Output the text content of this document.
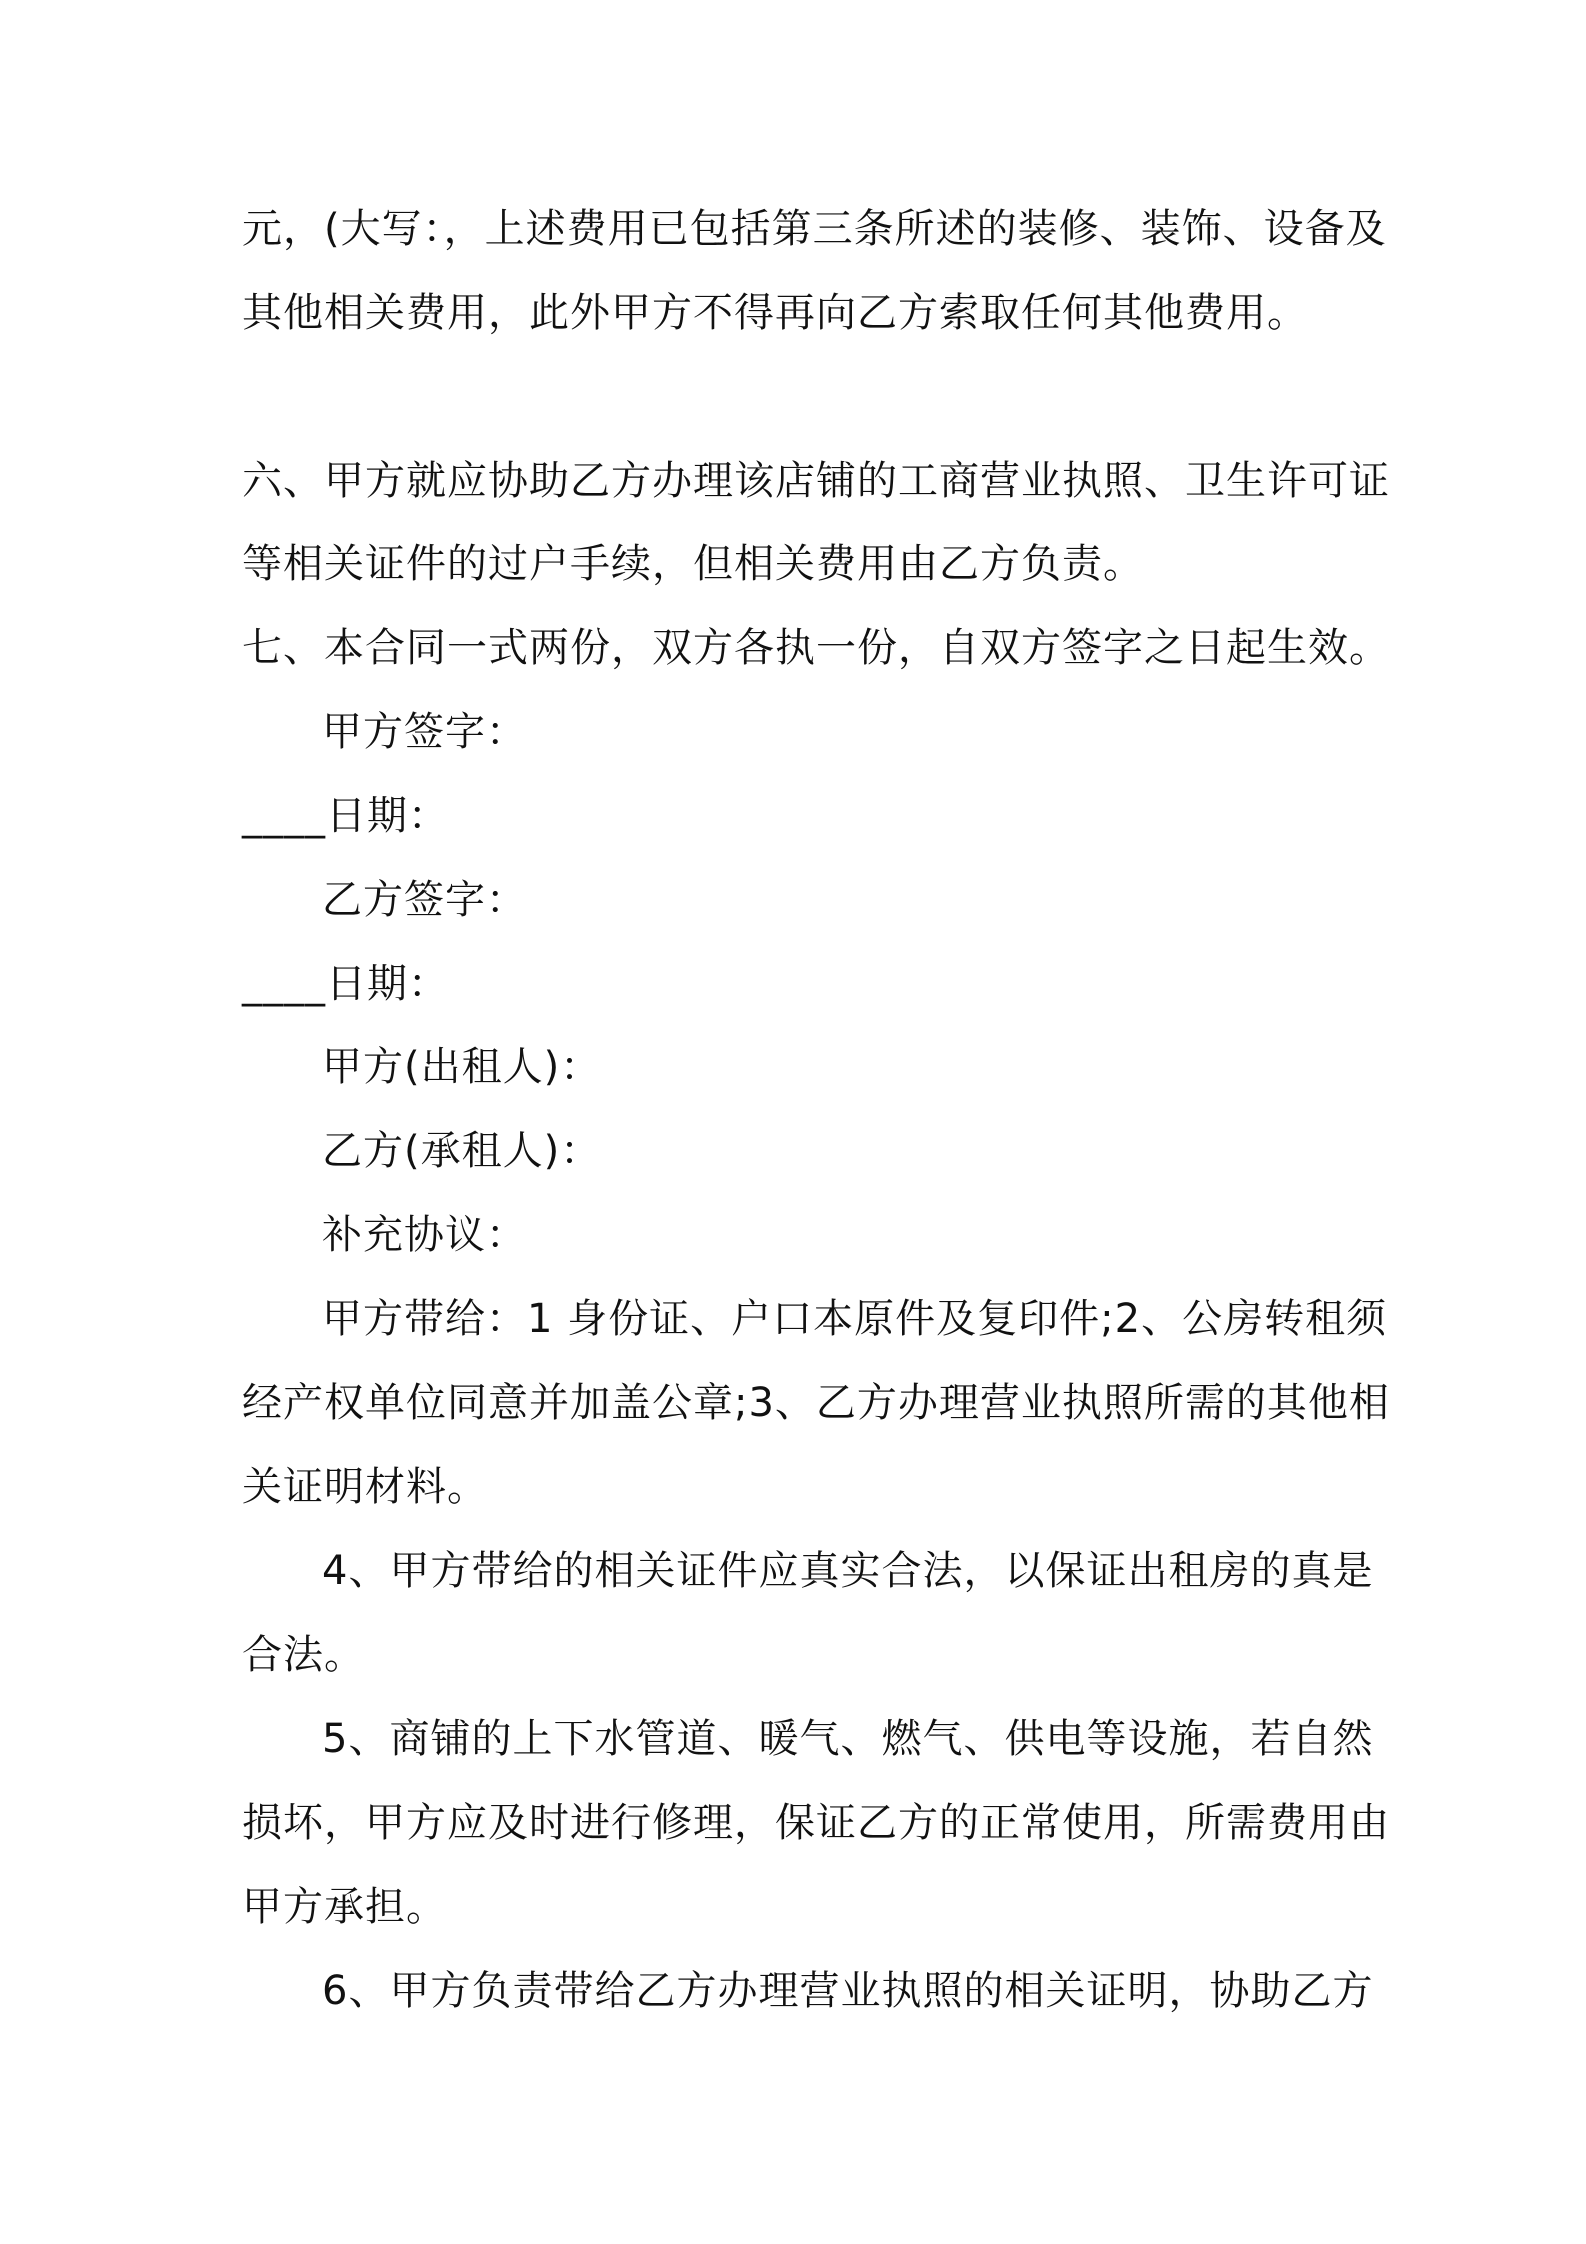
元，(大写：，上述费用已包括第三条所述的装修、装饰、设备及
其他相关费用，此外甲方不得再向乙方索取任何其他费用。
六、甲方就应协助乙方办理该店铺的工商营业执照、卫生许可证
等相关证件的过户手续，但相关费用由乙方负责。
七、本合同一式两份，双方各执一份，自双方签字之日起生效。
甲方签字：
____日期：
乙方签字：
____日期：
甲方(出租人)：
乙方(承租人)：
补充协议：
甲方带给：1 身份证、户口本原件及复印件;2、公房转租须
经产权单位同意并加盖公章;3、乙方办理营业执照所需的其他相
关证明材料。
4、甲方带给的相关证件应真实合法，以保证出租房的真是
合法。
5、商铺的上下水管道、暖气、燃气、供电等设施，若自然
损坏，甲方应及时进行修理，保证乙方的正常使用，所需费用由
甲方承担。
6、甲方负责带给乙方办理营业执照的相关证明，协助乙方
